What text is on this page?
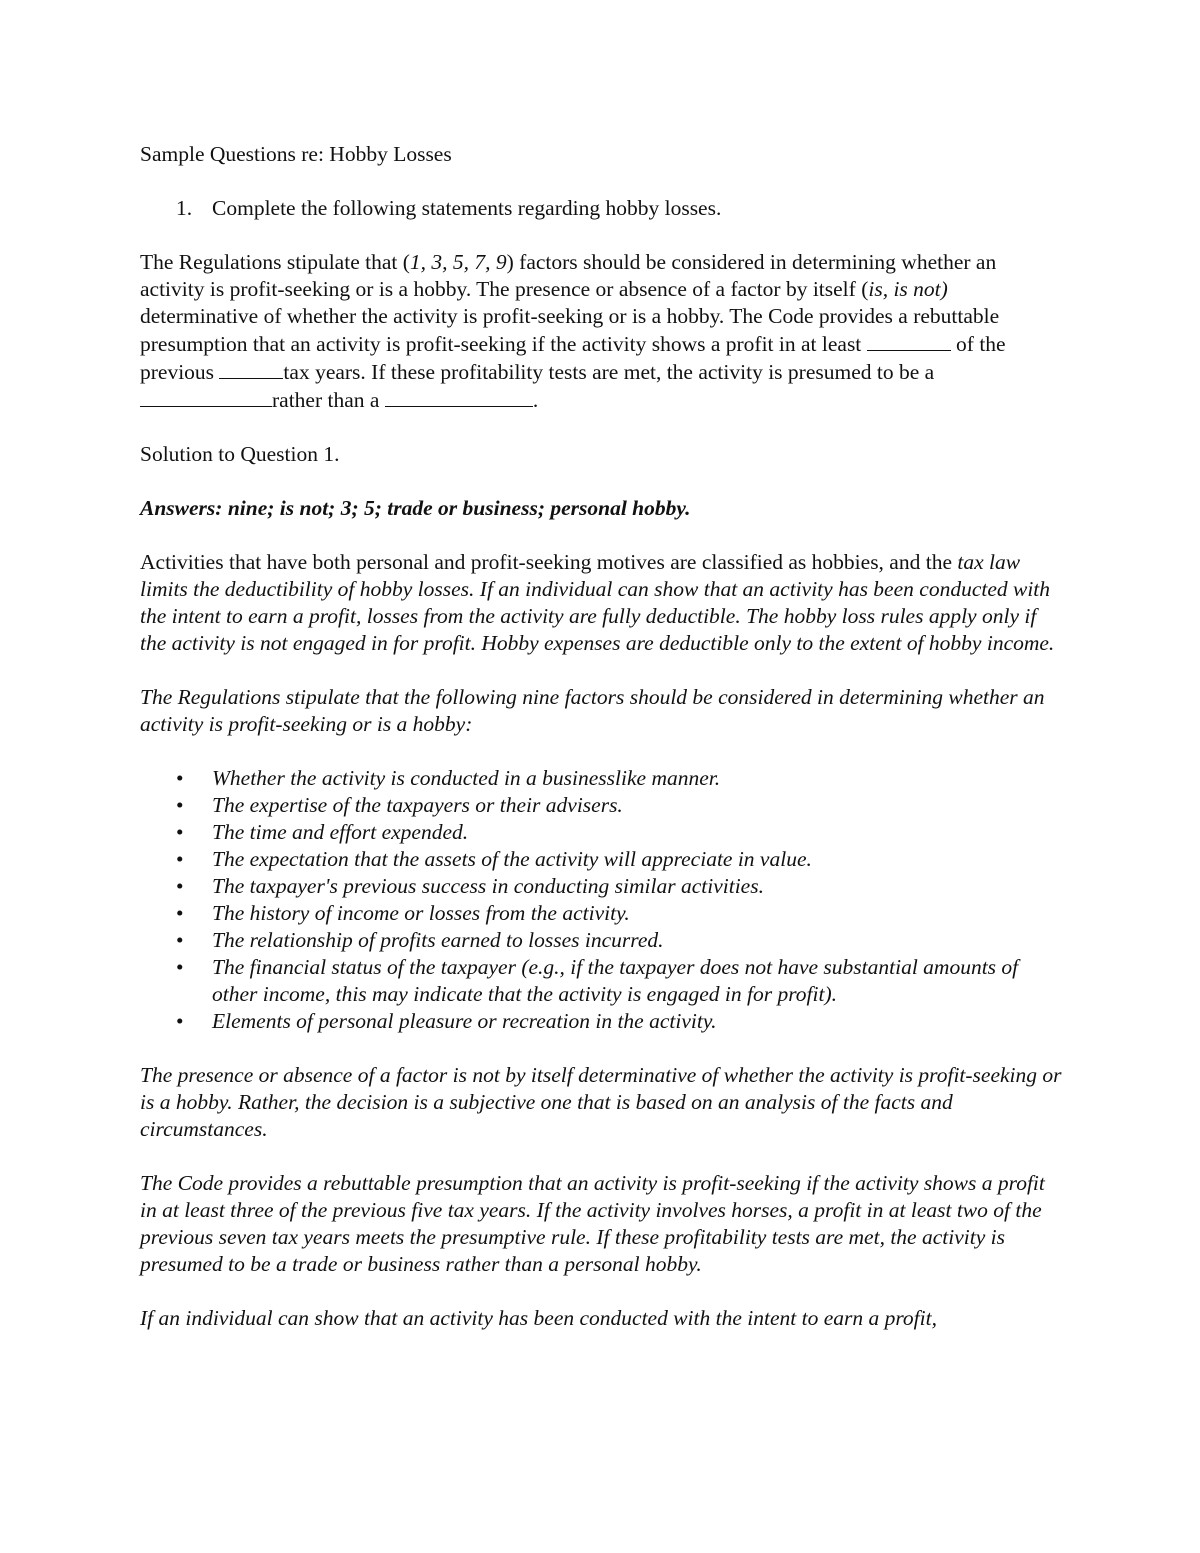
Sample Questions re: Hobby Losses

1. Complete the following statements regarding hobby losses.

The Regulations stipulate that (1, 3, 5, 7, 9) factors should be considered in determining whether an activity is profit-seeking or is a hobby. The presence or absence of a factor by itself (is, is not) determinative of whether the activity is profit-seeking or is a hobby. The Code provides a rebuttable presumption that an activity is profit-seeking if the activity shows a profit in at least	of the previous	tax years. If these profitability tests are met, the activity is presumed to be a rather than a	.

Solution to Question 1.

Answers: nine; is not; 3; 5; trade or business; personal hobby.

Activities that have both personal and profit-seeking motives are classified as hobbies, and the tax law limits the deductibility of hobby losses. If an individual can show that an activity has been conducted with the intent to earn a profit, losses from the activity are fully deductible. The hobby loss rules apply only if the activity is not engaged in for profit. Hobby expenses are deductible only to the extent of hobby income.

The Regulations stipulate that the following nine factors should be considered in determining whether an activity is profit-seeking or is a hobby:

•	Whether the activity is conducted in a businesslike manner.
•	The expertise of the taxpayers or their advisers.
•	The time and effort expended.
•	The expectation that the assets of the activity will appreciate in value.
•	The taxpayer's previous success in conducting similar activities.
•	The history of income or losses from the activity.
•	The relationship of profits earned to losses incurred.
•	The financial status of the taxpayer (e.g., if the taxpayer does not have substantial amounts of other income, this may indicate that the activity is engaged in for profit).
•	Elements of personal pleasure or recreation in the activity.

The presence or absence of a factor is not by itself determinative of whether the activity is profit-seeking or is a hobby. Rather, the decision is a subjective one that is based on an analysis of the facts and circumstances.

The Code provides a rebuttable presumption that an activity is profit-seeking if the activity shows a profit in at least three of the previous five tax years. If the activity involves horses, a profit in at least two of the previous seven tax years meets the presumptive rule. If these profitability tests are met, the activity is presumed to be a trade or business rather than a personal hobby.

If an individual can show that an activity has been conducted with the intent to earn a profit,
